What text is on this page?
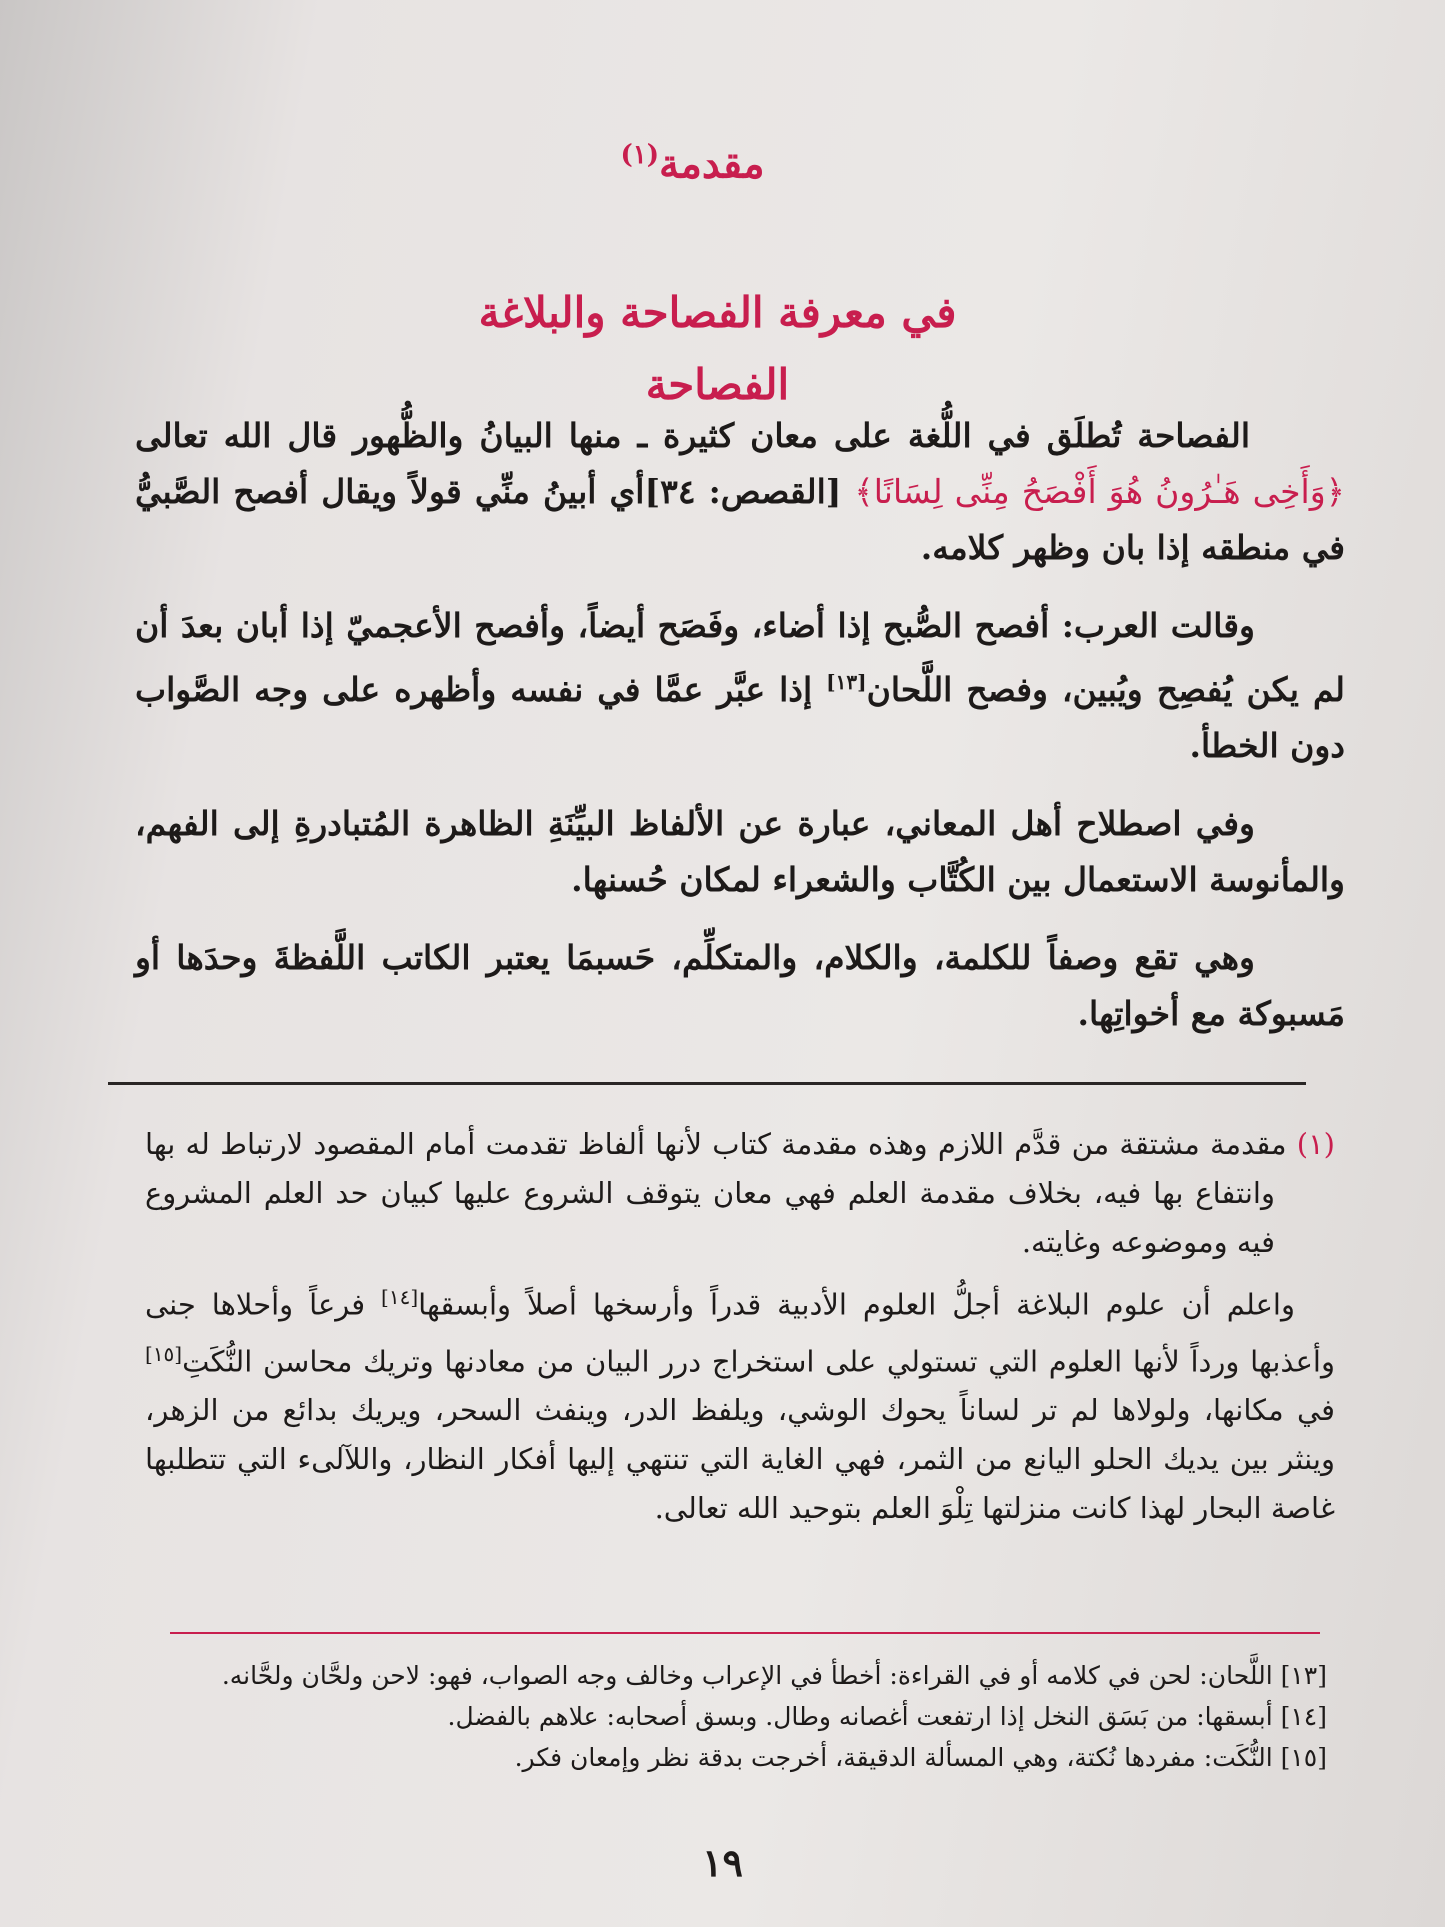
مقدمة$^{(١)}$
في معرفة الفصاحة والبلاغة
الفصاحة

الفصاحة تُطلَق في اللُّغة على معان كثيرة ـ منها البيانُ والظُّهور قال الله تعالى ﴿وَأَخِى هَـٰرُونُ هُوَ أَفْصَحُ مِنِّى لِسَانًا﴾ [القصص: ٣٤]أي أبينُ منِّي قولاً ويقال أفصح الصَّبيُّ في منطقه إذا بان وظهر كلامه.

وقالت العرب: أفصح الصُّبح إذا أضاء، وفَصَح أيضاً، وأفصح الأعجميّ إذا أبان بعدَ أن لم يكن يُفصِح ويُبين، وفصح اللَّحان[١٣] إذا عبَّر عمَّا في نفسه وأظهره على وجه الصَّواب دون الخطأ.

وفي اصطلاح أهل المعاني، عبارة عن الألفاظ البيِّنَةِ الظاهرة المُتبادرةِ إلى الفهم، والمأنوسة الاستعمال بين الكُتَّاب والشعراء لمكان حُسنها.

وهي تقع وصفاً للكلمة، والكلام، والمتكلِّم، حَسبمَا يعتبر الكاتب اللَّفظةَ وحدَها أو مَسبوكة مع أخواتِها.

(١) مقدمة مشتقة من قدَّم اللازم وهذه مقدمة كتاب لأنها ألفاظ تقدمت أمام المقصود لارتباط له بها وانتفاع بها فيه، بخلاف مقدمة العلم فهي معان يتوقف الشروع عليها كبيان حد العلم المشروع فيه وموضوعه وغايته.

واعلم أن علوم البلاغة أجلُّ العلوم الأدبية قدراً وأرسخها أصلاً وأبسقها[١٤] فرعاً وأحلاها جنى وأعذبها ورداً لأنها العلوم التي تستولي على استخراج درر البيان من معادنها وتريك محاسن النُّكَتِ[١٥] في مكانها، ولولاها لم تر لساناً يحوك الوشي، ويلفظ الدر، وينفث السحر، ويريك بدائع من الزهر، وينثر بين يديك الحلو اليانع من الثمر، فهي الغاية التي تنتهي إليها أفكار النظار، واللآلىء التي تتطلبها غاصة البحار لهذا كانت منزلتها تِلْوَ العلم بتوحيد الله تعالى.

[١٣] اللَّحان: لحن في كلامه أو في القراءة: أخطأ في الإعراب وخالف وجه الصواب، فهو: لاحن ولحَّان ولحَّانه.
[١٤] أبسقها: من بَسَق النخل إذا ارتفعت أغصانه وطال. وبسق أصحابه: علاهم بالفضل.
[١٥] النُّكَت: مفردها نُكتة، وهي المسألة الدقيقة، أخرجت بدقة نظر وإمعان فكر.
١٩
